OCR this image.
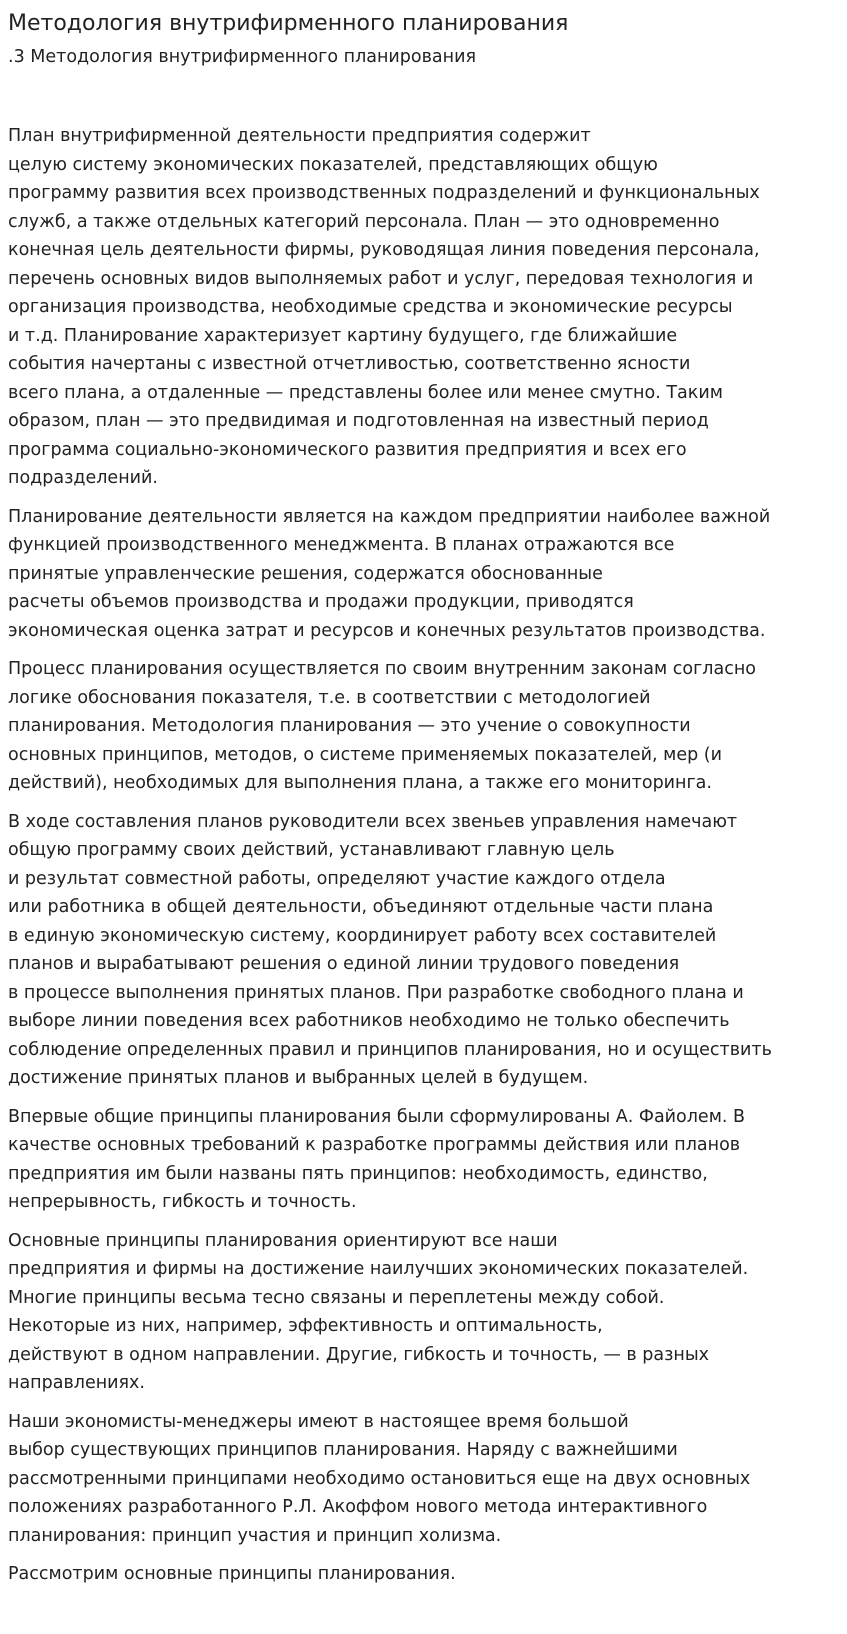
Методология внутрифирменного планирования
.3 Методология внутрифирменного планирования

План внутрифирменной деятельности предприятия содержит
целую систему экономических показателей, представляющих общую
программу развития всех производственных подразделений и функциональных
служб, а также отдельных категорий персонала. План — это одновременно
конечная цель деятельности фирмы, руководящая линия поведения персонала,
перечень основных видов выполняемых работ и услуг, передовая технология и
организация производства, необходимые средства и экономические ресурсы
и т.д. Планирование характеризует картину будущего, где ближайшие
события начертаны с известной отчетливостью, соответственно ясности
всего плана, а отдаленные — представлены более или менее смутно. Таким
образом, план — это предвидимая и подготовленная на известный период
программа социально-экономического развития предприятия и всех его
подразделений.

Планирование деятельности является на каждом предприятии наиболее важной
функцией производственного менеджмента. В планах отражаются все
принятые управленческие решения, содержатся обоснованные
расчеты объемов производства и продажи продукции, приводятся
экономическая оценка затрат и ресурсов и конечных результатов производства.

Процесс планирования осуществляется по своим внутренним законам согласно
логике обоснования показателя, т.е. в соответствии с методологией
планирования. Методология планирования — это учение о совокупности
основных принципов, методов, о системе применяемых показателей, мер (и
действий), необходимых для выполнения плана, а также его мониторинга.

В ходе составления планов руководители всех звеньев управления намечают
общую программу своих действий, устанавливают главную цель
и результат совместной работы, определяют участие каждого отдела
или работника в общей деятельности, объединяют отдельные части плана
в единую экономическую систему, координирует работу всех составителей
планов и вырабатывают решения о единой линии трудового поведения
в процессе выполнения принятых планов. При разработке свободного плана и
выборе линии поведения всех работников необходимо не только обеспечить
соблюдение определенных правил и принципов планирования, но и осуществить
достижение принятых планов и выбранных целей в будущем.

Впервые общие принципы планирования были сформулированы А. Файолем. В
качестве основных требований к разработке программы действия или планов
предприятия им были названы пять принципов: необходимость, единство,
непрерывность, гибкость и точность.

Основные принципы планирования ориентируют все наши
предприятия и фирмы на достижение наилучших экономических показателей.
Многие принципы весьма тесно связаны и переплетены между собой.
Некоторые из них, например, эффективность и оптимальность,
действуют в одном направлении. Другие, гибкость и точность, — в разных
направлениях.

Наши экономисты-менеджеры имеют в настоящее время большой
выбор существующих принципов планирования. Наряду с важнейшими
рассмотренными принципами необходимо остановиться еще на двух основных
положениях разработанного Р.Л. Акоффом нового метода интерактивного
планирования: принцип участия и принцип холизма.

Рассмотрим основные принципы планирования.
